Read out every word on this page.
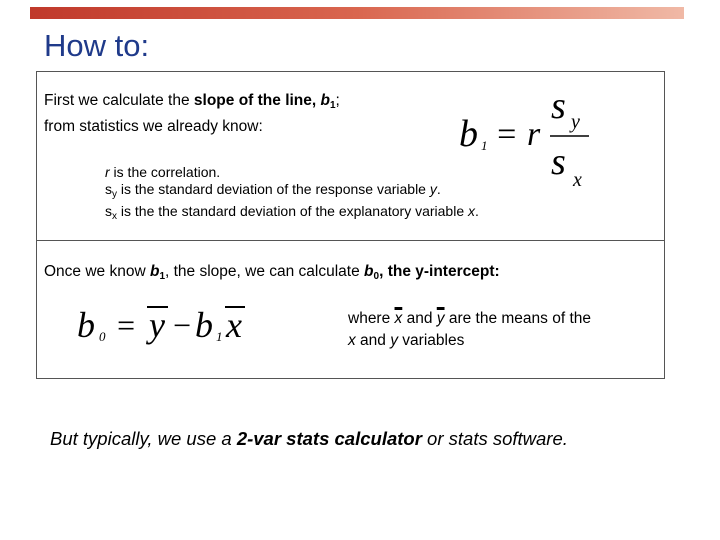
How to:
First we calculate the slope of the line, $b_1$;
from statistics we already know:	b 1 = r
s y
s x
r is the correlation.
$s_y$ is the standard deviation of the response variable y.
$s_x$ is the the standard deviation of the explanatory variable x.
Once we know $b_1$, the slope, we can calculate $b_0$, the y-intercept:
b 0 = y − b 1 x	where $\overline{x}$ and $\overline{y}$ are the means of the
x and y variables
But typically, we use a 2-var stats calculator or stats software.
